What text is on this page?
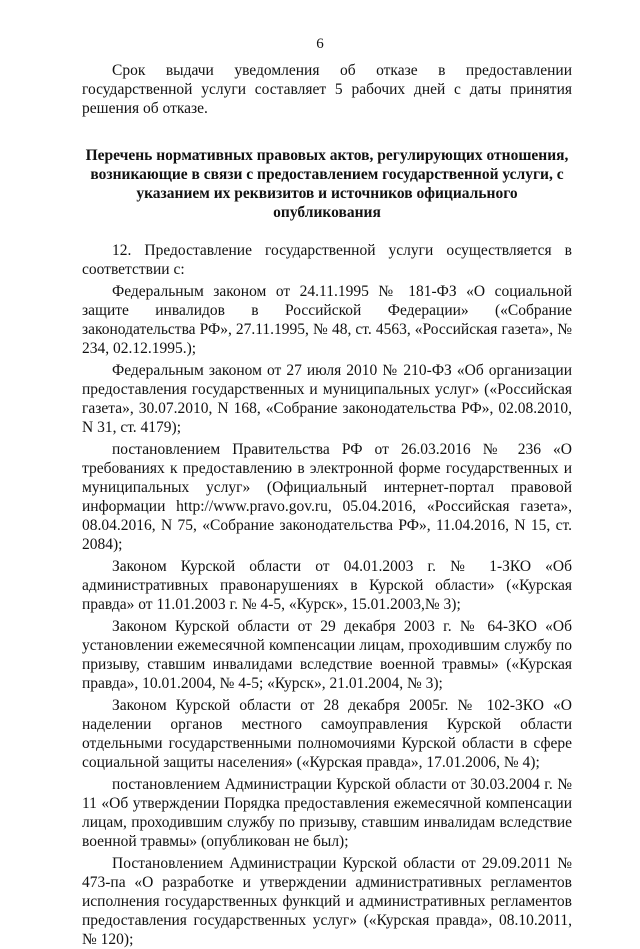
6

Срок выдачи уведомления об отказе в предоставлении государственной услуги составляет 5 рабочих дней с даты принятия решения об отказе.

Перечень нормативных правовых актов, регулирующих отношения, возникающие в связи с предоставлением государственной услуги, с указанием их реквизитов и источников официального опубликования

12. Предоставление государственной услуги осуществляется в соответствии с:

Федеральным законом от 24.11.1995 № 181-ФЗ «О социальной защите инвалидов в Российской Федерации» («Собрание законодательства РФ», 27.11.1995, № 48, ст. 4563, «Российская газета», № 234, 02.12.1995.);

Федеральным законом от 27 июля 2010 № 210-ФЗ «Об организации предоставления государственных и муниципальных услуг» («Российская газета», 30.07.2010, N 168, «Собрание законодательства РФ», 02.08.2010, N 31, ст. 4179);

постановлением Правительства РФ от 26.03.2016 № 236 «О требованиях к предоставлению в электронной форме государственных и муниципальных услуг» (Официальный интернет-портал правовой информации http://www.pravo.gov.ru, 05.04.2016, «Российская газета», 08.04.2016, N 75, «Собрание законодательства РФ», 11.04.2016, N 15, ст. 2084);

Законом Курской области от 04.01.2003 г. № 1-ЗКО «Об административных правонарушениях в Курской области» («Курская правда» от 11.01.2003 г. № 4-5, «Курск», 15.01.2003,№ 3);

Законом Курской области от 29 декабря 2003 г. № 64-ЗКО «Об установлении ежемесячной компенсации лицам, проходившим службу по призыву, ставшим инвалидами вследствие военной травмы» («Курская правда», 10.01.2004, № 4-5; «Курск», 21.01.2004, № 3);

Законом Курской области от 28 декабря 2005г. № 102-ЗКО «О наделении органов местного самоуправления Курской области отдельными государственными полномочиями Курской области в сфере социальной защиты населения» («Курская правда», 17.01.2006, № 4);

постановлением Администрации Курской области от 30.03.2004 г. № 11 «Об утверждении Порядка предоставления ежемесячной компенсации лицам, проходившим службу по призыву, ставшим инвалидам вследствие военной травмы» (опубликован не был);

Постановлением Администрации Курской области от 29.09.2011 № 473-па «О разработке и утверждении административных регламентов исполнения государственных функций и административных регламентов предоставления государственных услуг» («Курская правда», 08.10.2011, № 120);
